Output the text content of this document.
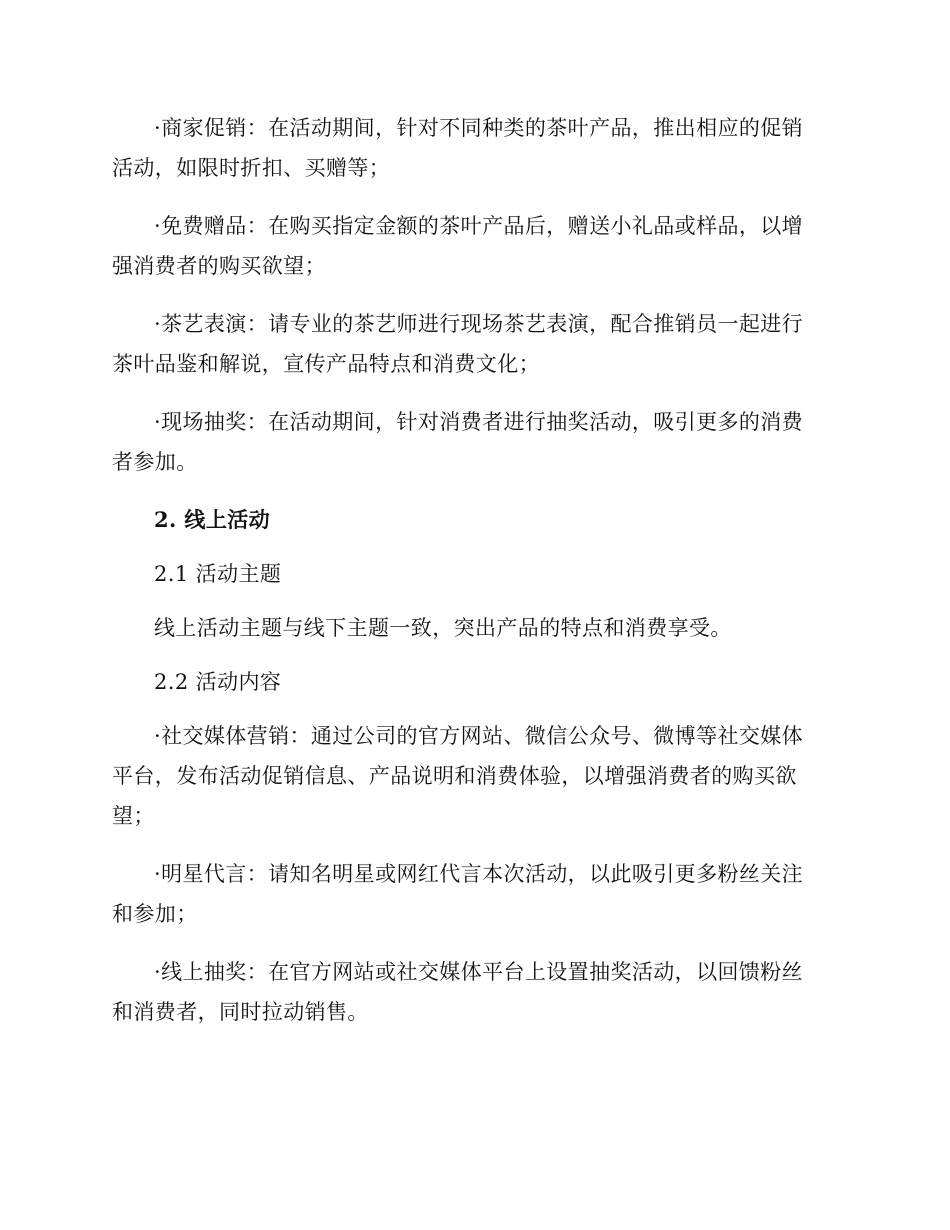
·商家促销：在活动期间，针对不同种类的茶叶产品，推出相应的促销活动，如限时折扣、买赠等；

·免费赠品：在购买指定金额的茶叶产品后，赠送小礼品或样品，以增强消费者的购买欲望；

·茶艺表演：请专业的茶艺师进行现场茶艺表演，配合推销员一起进行茶叶品鉴和解说，宣传产品特点和消费文化；

·现场抽奖：在活动期间，针对消费者进行抽奖活动，吸引更多的消费者参加。

2. 线上活动

2.1 活动主题

线上活动主题与线下主题一致，突出产品的特点和消费享受。

2.2 活动内容

·社交媒体营销：通过公司的官方网站、微信公众号、微博等社交媒体平台，发布活动促销信息、产品说明和消费体验，以增强消费者的购买欲望；

·明星代言：请知名明星或网红代言本次活动，以此吸引更多粉丝关注和参加；

·线上抽奖：在官方网站或社交媒体平台上设置抽奖活动，以回馈粉丝和消费者，同时拉动销售。
